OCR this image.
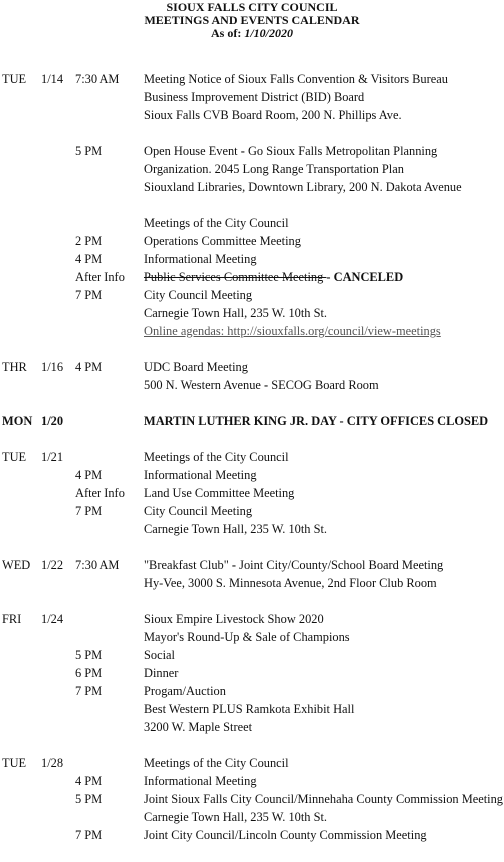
SIOUX FALLS CITY COUNCIL
MEETINGS AND EVENTS CALENDAR
As of: 1/10/2020
TUE	1/14 7:30 AM	Meeting Notice of Sioux Falls Convention & Visitors Bureau
Business Improvement District (BID) Board
Sioux Falls CVB Board Room, 200 N. Phillips Ave.
5 PM	Open House Event - Go Sioux Falls Metropolitan Planning
Organization. 2045 Long Range Transportation Plan
Siouxland Libraries, Downtown Library, 200 N. Dakota Avenue
Meetings of the City Council
2 PM	Operations Committee Meeting
4 PM	Informational Meeting
After Info	Public Services Committee Meeting - CANCELED
7 PM	City Council Meeting
Carnegie Town Hall, 235 W. 10th St.
Online agendas: http://siouxfalls.org/council/view-meetings
THR	1/16 4 PM	UDC Board Meeting
500 N. Western Avenue - SECOG Board Room
MON 1/20	MARTIN LUTHER KING JR. DAY - CITY OFFICES CLOSED
TUE	1/21	Meetings of the City Council
4 PM	Informational Meeting
After Info	Land Use Committee Meeting
7 PM	City Council Meeting
Carnegie Town Hall, 235 W. 10th St.
WED 1/22 7:30 AM	"Breakfast Club" - Joint City/County/School Board Meeting
Hy-Vee, 3000 S. Minnesota Avenue, 2nd Floor Club Room
FRI	1/24	Sioux Empire Livestock Show 2020
Mayor's Round-Up & Sale of Champions
5 PM	Social
6 PM	Dinner
7 PM	Progam/Auction
Best Western PLUS Ramkota Exhibit Hall
3200 W. Maple Street
TUE	1/28	Meetings of the City Council
4 PM	Informational Meeting
5 PM	Joint Sioux Falls City Council/Minnehaha County Commission Meeting
Carnegie Town Hall, 235 W. 10th St.
7 PM	Joint City Council/Lincoln County Commission Meeting
